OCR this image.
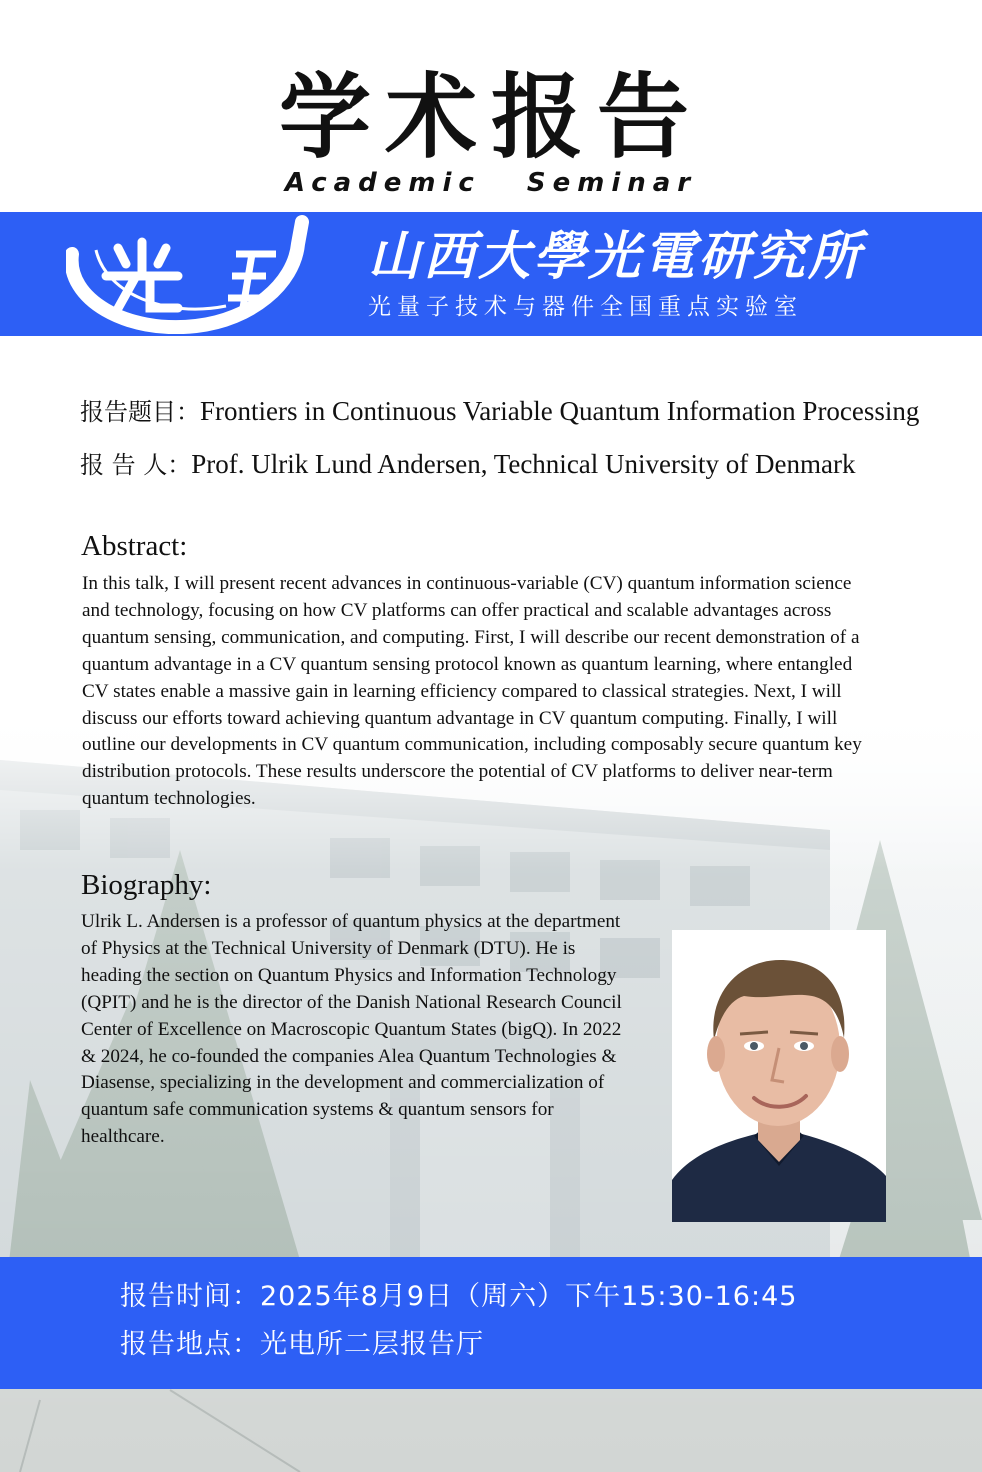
学术报告
Academic Seminar
山西大學光電研究所
光量子技术与器件全国重点实验室
报告题目：Frontiers in Continuous Variable Quantum Information Processing
报 告 人：Prof. Ulrik Lund Andersen, Technical University of Denmark
Abstract:
In this talk, I will present recent advances in continuous-variable (CV) quantum information science and technology, focusing on how CV platforms can offer practical and scalable advantages across quantum sensing, communication, and computing. First, I will describe our recent demonstration of a quantum advantage in a CV quantum sensing protocol known as quantum learning, where entangled CV states enable a massive gain in learning efficiency compared to classical strategies. Next, I will discuss our efforts toward achieving quantum advantage in CV quantum computing. Finally, I will outline our developments in CV quantum communication, including composably secure quantum key distribution protocols. These results underscore the potential of CV platforms to deliver near-term quantum technologies.
Biography:
Ulrik L. Andersen is a professor of quantum physics at the department of Physics at the Technical University of Denmark (DTU). He is heading the section on Quantum Physics and Information Technology (QPIT) and he is the director of the Danish National Research Council Center of Excellence on Macroscopic Quantum States (bigQ). In 2022 & 2024, he co-founded the companies Alea Quantum Technologies & Diasense, specializing in the development and commercialization of quantum safe communication systems & quantum sensors for healthcare.
报告时间：2025年8月9日（周六）下午15:30-16:45
报告地点：光电所二层报告厅
